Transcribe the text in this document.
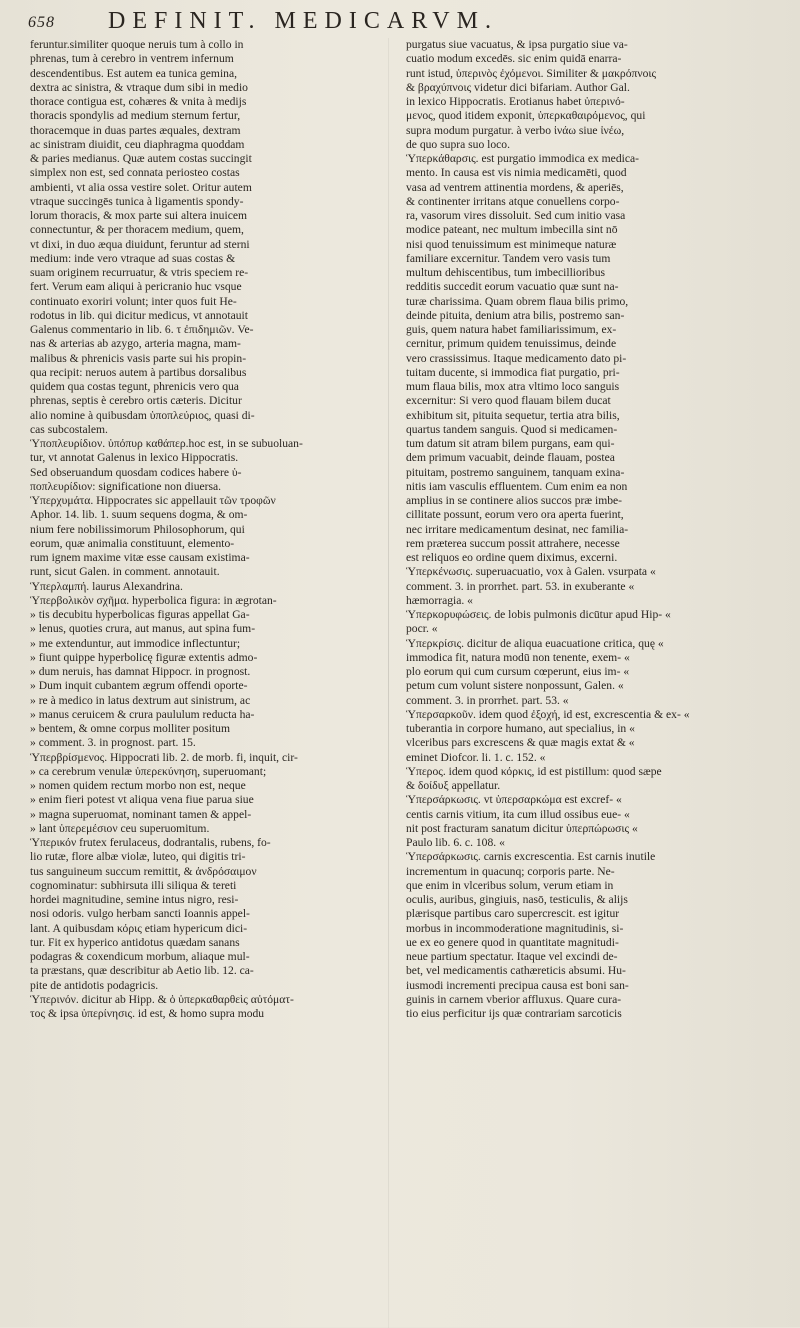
658 DEFINIT. MEDICARVM.
feruntur.similiter quoque neruis tum à collo in
phrenas, tum à cerebro in ventrem infernum
descendentibus. Est autem ea tunica gemina,
dextra ac sinistra, & vtraque dum sibi in medio
thorace contigua est, cohæres & vnita à medijs
thoracis spondylis ad medium sternum fertur,
thoracemque in duas partes æquales, dextram
ac sinistram diuidit, ceu diaphragma quoddam
& paries medianus. Quæ autem costas succingit
simplex non est, sed connata periosteo costas
ambienti, vt alia ossa vestire solet. Oritur autem
vtraque succingēs tunica à ligamentis spondy-
lorum thoracis, & mox parte sui altera inuicem
connectuntur, & per thoracem medium, quem,
vt dixi, in duo æqua diuidunt, feruntur ad sterni
medium: inde vero vtraque ad suas costas &
suam originem recurruatur, & vtris speciem re-
fert. Verum eam aliqui à pericranio huc vsque
continuato exoriri volunt; inter quos fuit He-
rodotus in lib. qui dicitur medicus, vt annotauit
Galenus commentario in lib. 6. τ ἐπιδημιῶν. Ve-
nas & arterias ab azygo, arteria magna, mam-
malibus & phrenicis vasis parte sui his propin-
qua recipit: neruos autem à partibus dorsalibus
quidem qua costas tegunt, phrenicis vero qua
phrenas, septis è cerebro ortis cæteris. Dicitur
alio nomine à quibusdam ὑποπλεύριος, quasi di-
cas subcostalem.
Ὑποπλευρίδιον. ὑπόπυρ καθάπερ.hoc est, in se subuoluan-
tur, vt annotat Galenus in lexico Hippocratis.
Sed obseruandum quosdam codices habere ὑ-
ποπλευρίδιον: significatione non diuersa.
Ὑπερχυμάτα. Hippocrates sic appellauit τῶν τροφῶν
Aphor. 14. lib. 1. suum sequens dogma, & om-
nium fere nobilissimorum Philosophorum, qui
eorum, quæ animalia constituunt, elemento-
rum ignem maxime vitæ esse causam existima-
runt, sicut Galen. in comment. annotauit.
Ὑπερλαμπή. laurus Alexandrina.
Ὑπερβολικὸν σχῆμα. hyperbolica figura: in ægrotan-
» tis decubitu hyperbolicas figuras appellat Ga-
» lenus, quoties crura, aut manus, aut spina fum-
» me extenduntur, aut immodice inflectuntur;
» fiunt quippe hyperbolicę figuræ extentis admo-
» dum neruis, has damnat Hippocr. in prognost.
» Dum inquit cubantem ægrum offendi oporte-
» re à medico in latus dextrum aut sinistrum, ac
» manus ceruicem & crura paululum reducta ha-
» bentem, & omne corpus molliter positum
» comment. 3. in prognost. part. 15.
Ὑπερβρίσμενος. Hippocrati lib. 2. de morb. fi, inquit, cir-
» ca cerebrum venulæ ὑπερεκύνηση, superuomant;
» nomen quidem rectum morbo non est, neque
» enim fieri potest vt aliqua vena fiue parua siue
» magna superuomat, nominant tamen & appel-
» lant ὑπερεμέσιον ceu superuomitum.
Ὑπερικόν frutex ferulaceus, dodrantalis, rubens, fo-
lio rutæ, flore albæ violæ, luteo, qui digitis tri-
tus sanguineum succum remittit, & ἀνδρόσαιμον
cognominatur: subhirsuta illi siliqua & tereti
hordei magnitudine, semine intus nigro, resi-
nosi odoris. vulgo herbam sancti Ioannis appel-
lant. A quibusdam κόρις etiam hypericum dici-
tur. Fit ex hyperico antidotus quædam sanans
podagras & coxendicum morbum, aliaque mul-
ta præstans, quæ describitur ab Aetio lib. 12. ca-
pite de antidotis podagricis.
Ὑπερινόν. dicitur ab Hipp. & ὁ ὑπερκαθαρθεὶς αὐτόματ-
τος & ipsa ὑπερίνησις. id est, & homo supra modu
purgatus siue vacuatus, & ipsa purgatio siue va-
cuatio modum excedēs. sic enim quidā enarra-
runt istud, ὑπερινὸς ἐχόμενοι. Similiter & μακρόπνοις
& βραχύπνοις videtur dici bifariam. Author Gal.
in lexico Hippocratis. Erotianus habet ὑπερινό-
μενος, quod itidem exponit, ὑπερκαθαιρόμενος, qui
supra modum purgatur. à verbo ἰνάω siue ἰνέω,
de quo supra suo loco.
Ὑπερκάθαρσις. est purgatio immodica ex medica-
mento. In causa est vis nimia medicamēti, quod
vasa ad ventrem attinentia mordens, & aperiēs,
& continenter irritans atque conuellens corpo-
ra, vasorum vires dissoluit. Sed cum initio vasa
modice pateant, nec multum imbecilla sint nō
nisi quod tenuissimum est minimeque naturæ
familiare excernitur. Tandem vero vasis tum
multum dehiscentibus, tum imbecillioribus
redditis succedit eorum vacuatio quæ sunt na-
turæ charissima. Quam obrem flaua bilis primo,
deinde pituita, denium atra bilis, postremo san-
guis, quem natura habet familiarissimum, ex-
cernitur, primum quidem tenuissimus, deinde
vero crassissimus. Itaque medicamento dato pi-
tuitam ducente, si immodica fiat purgatio, pri-
mum flaua bilis, mox atra vltimo loco sanguis
excernitur: Si vero quod flauam bilem ducat
exhibitum sit, pituita sequetur, tertia atra bilis,
quartus tandem sanguis. Quod si medicamen-
tum datum sit atram bilem purgans, eam qui-
dem primum vacuabit, deinde flauam, postea
pituitam, postremo sanguinem, tanquam exina-
nitis iam vasculis effluentem. Cum enim ea non
amplius in se continere alios succos præ imbe-
cillitate possunt, eorum vero ora aperta fuerint,
nec irritare medicamentum desinat, nec familia-
rem præterea succum possit attrahere, necesse
est reliquos eo ordine quem diximus, excerni.
Ὑπερκένωσις. superuacuatio, vox à Galen. vsurpata «
comment. 3. in prorrhet. part. 53. in exuberante «
hæmorragia. «
Ὑπερκορυφώσεις. de lobis pulmonis dicūtur apud Hip- «
pocr. «
Ὑπερκρίσις. dicitur de aliqua euacuatione critica, quę «
immodica fit, natura modū non tenente, exem- «
plo eorum qui cum cursum cœperunt, eius im- «
petum cum volunt sistere nonpossunt, Galen. «
comment. 3. in prorrhet. part. 53. «
Ὑπερσαρκοῦν. idem quod ἐξοχή, id est, excrescentia & ex- «
tuberantia in corpore humano, aut specialius, in «
vlceribus pars excrescens & quæ magis extat & «
eminet Diofcor. li. 1. c. 152. «
Ὑπερος. idem quod κόρκις, id est pistillum: quod sæpe
& δοίδυξ appellatur.
Ὑπερσάρκωσις. vt ὑπερσαρκώμα est excref- «
centis carnis vitium, ita cum illud ossibus eue- «
nit post fracturam sanatum dicitur ὑπερπώρωσις «
Paulo lib. 6. c. 108. «
Ὑπερσάρκωσις. carnis excrescentia. Est carnis inutile
incrementum in quacunq; corporis parte. Ne-
que enim in vlceribus solum, verum etiam in
oculis, auribus, gingiuis, nasō, testiculis, & alijs
plærisque partibus caro supercrescit. est igitur
morbus in incommoderatione magnitudinis, si-
ue ex eo genere quod in quantitate magnitudi-
neue partium spectatur. Itaque vel excindi de-
bet, vel medicamentis cathæreticis absumi. Hu-
iusmodi incrementi precipua causa est boni san-
guinis in carnem vberior affluxus. Quare cura-
tio eius perficitur ijs quæ contrariam sarcoticis
